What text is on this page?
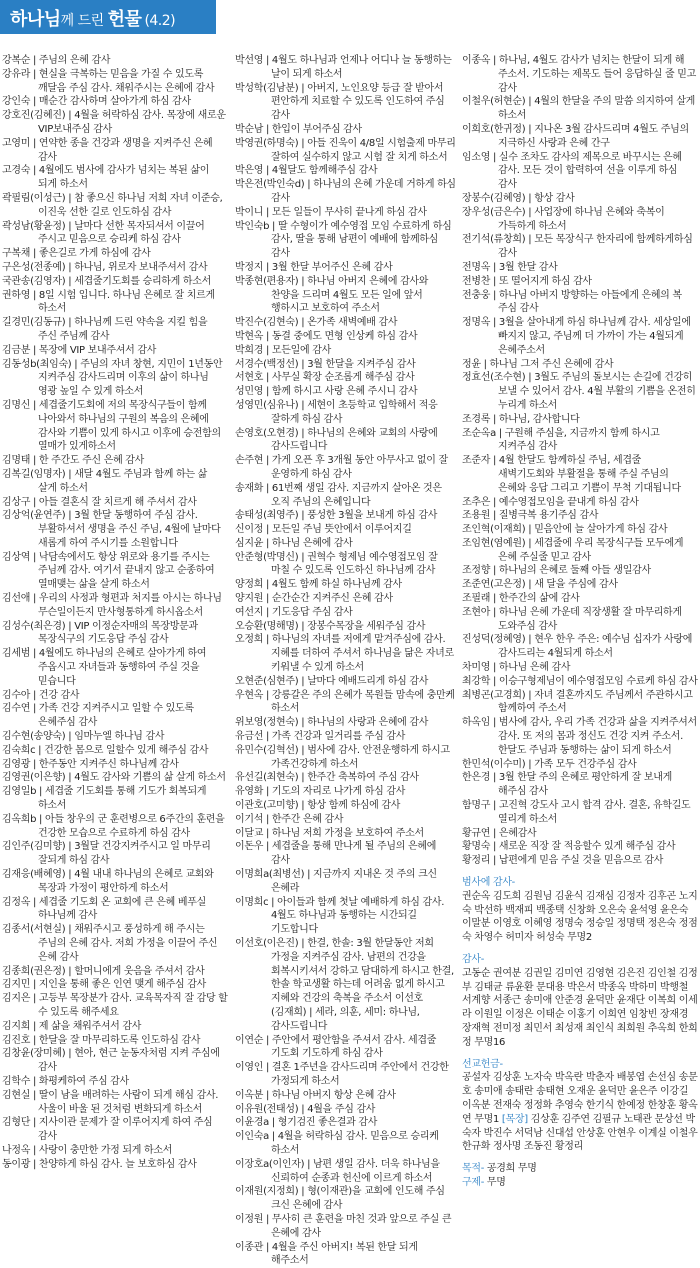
하나님께 드린 헌물 (4.2)

강복순 | 주님의 은혜 감사

강유라 | 현실을 극복하는 믿음을 가질 수 있도록 깨달음 주심 감사. 채워주시는 은혜에 감사

강인숙 | 매순간 감사하며 살아가게 하심 감사

강호진(김혜진) | 4월을 허락하심 감사. 목장에 새로운 VIP보내주심 감사

고영미 | 연약한 종을 건강과 생명을 지켜주신 은혜 감사

고경숙 | 4월에도 범사에 감사가 넘치는 복된 삶이 되게 하소서

곽필림(이성근) | 참 좋으신 하나님 저희 자녀 이준승, 이진욱 선한 길로 인도하심 감사

곽성남(황윤정) | 날마다 선한 목자되셔서 이끌어 주시고 믿음으로 승리케 하심 감사

구복채 | 좋은길로 가게 하심에 감사

구은성(전종예) | 하나님, 위로자 보내주셔서 감사

국관송(김영자) | 세겹줄기도회를 승리하게 하소서

권하영 | 8일 시험 입니다. 하나님 은혜로 잘 치르게 하소서

길경민(김동규) | 하나님께 드린 약속을 지킬 힘을 주신 주님께 감사

김금분 | 목장에 VIP 보내주셔서 감사

김동성b(최임숙) | 주님의 자녀 창현, 지민이 1년동안 지켜주심 감사드리며 이후의 삶이 하나님 영광 높일 수 있게 하소서

김명신 | 세겹줄기도회에 저의 목장식구들이 함께 나아와서 하나님의 구원의 복음의 은혜에 감사와 기쁨이 있게 하시고 이후에 승전함의 열매가 있게하소서

김명태 | 한 주간도 주신 은혜 감사

김복길(임명자) | 새달 4월도 주님과 함께 하는 삶 살게 하소서

김상구 | 아들 결혼식 잘 치르게 해 주셔서 감사

김상억(윤연주) | 3월 한달 동행하여 주심 감사. 부활하셔서 생명을 주신 주님, 4월에 날마다 새롭게 하여 주시기를 소원합니다

김상역 | 낙담속에서도 항상 위로와 용기를 주시는 주님께 감사. 여기서 끝내지 않고 순종하여 열매맺는 삶을 살게 하소서

김선애 | 우리의 사정과 형편과 처지를 아시는 하나님 무슨일이든지 만사형통하게 하시옵소서

김성수(최은경) | VIP 이정순자매의 목장방문과 목장식구의 기도응답 주심 감사

김세범 | 4월에도 하나님의 은혜로 살아가게 하여 주옵시고 자녀들과 동행하여 주실 것을 믿습니다

김수아 | 건강 감사

김수연 | 가족 건강 지켜주시고 일할 수 있도록 은혜주심 감사

김수현(송양숙) | 임마누엘 하나님 감사

김숙희c | 건강한 몸으로 일할수 있게 해주심 감사

김영광 | 한주동안 지켜주신 하나님께 감사

김영권(이은향) | 4월도 감사와 기쁨의 삶 살게 하소서

김영일b | 세겹줄 기도회를 통해 기도가 회복되게 하소서

김옥희b | 아들 창우의 군 훈련병으로 6주간의 훈련을 건강한 모습으로 수료하게 하심 감사

김인주(김미향) | 3월달 건강지켜주시고 일 마무리 잘되게 하심 감사

김재응(배혜영) | 4월 내내 하나님의 은혜로 교회와 목장과 가정이 평안하게 하소서

김정옥 | 세겹줄 기도회 온 교회에 큰 은혜 베푸실 하나님께 감사

김종서(서현실) | 채워주시고 풍성하게 해 주시는 주님의 은혜 감사. 저희 가정을 이끌어 주신 은혜 감사

김종희(권은정) | 할머니에게 웃음을 주셔서 감사

김지민 | 지인을 통해 좋은 인연 맺게 해주심 감사

김지은 | 고등부 목장분가 감사. 교육목자직 잘 감당 할 수 있도록 해주세요

김지희 | 제 삶을 채워주셔서 감사

김진호 | 한달을 잘 마무리하도록 인도하심 감사

김창윤(장미혜) | 현아, 현근 눈동자처럼 지켜 주심에 감사

김학수 | 화평케하여 주심 감사

김현실 | 딸이 남을 배려하는 사람이 되게 해심 감사. 사울이 바울 된 것처럼 변화되게 하소서

김형단 | 지사이관 문제가 잘 이루어지게 하여 주심 감사

나정옥 | 사랑이 충만한 가정 되게 하소서

동이광 | 찬양하게 하심 감사. 늘 보호하심 감사

박선영 | 4월도 하나님과 언제나 어디나 늘 동행하는 날이 되게 하소서

박성학(김남분) | 아버지, 노인요양 등급 잘 받아서 편안하게 치료할 수 있도록 인도하여 주심 감사

박순남 | 한입이 부어주심 감사

박영권(하명숙) | 아들 진욱이 4/8일 시험출제 마무리 잘하여 실수하지 않고 시험 잘 치게 하소서

박은영 | 4월달도 함께해주심 감사

박은전(박인숙d) | 하나님의 은혜 가운데 거하게 하심 감사

박이니 | 모든 일들이 무사히 끝나게 하심 감사

박인숙b | 딸 수형이가 예수영접 모임 수료하게 하심 감사, 딸을 통해 남편이 예배에 함께하심 감사

박정지 | 3월 한달 부어주신 은혜 감사

박종현(편용자) | 하나님 아버지 은혜에 감사와 찬양을 드리며 4월도 모든 일에 앞서 행하시고 보호하여 주소서

박진수(김현숙) | 온가족 새벽예배 감사

박현옥 | 동결 중에도 면형 인상케 하심 감사

박희경 | 모든일에 감사

서경수(백정선) | 3월 한달을 지켜주심 감사

서현호 | 사무실 확장 순조롭게 해주심 감사

성민영 | 함께 하시고 사랑 은혜 주시니 감사

성영민(심유나) | 세현이 초등학교 입학해서 적응 잘하게 하심 감사

손영호(오현경) | 하나님의 은혜와 교회의 사랑에 감사드립니다

손주현 | 가게 오픈 후 3개월 동안 아무사고 없이 잘 운영하게 하심 감사

송재화 | 61번째 생일 감사. 지금까지 살아온 것은 오직 주님의 은혜입니다

송태성(최영주) | 풍성한 3월을 보내게 하심 감사

신이정 | 모든일 주님 뜻안에서 이루어지길

심지윤 | 하나님 은혜에 감사

안준형(박명신) | 권혁수 형제님 예수영접모임 잘 마칠 수 있도록 인도하신 하나님께 감사

양정희 | 4월도 함께 하실 하나님께 감사

양지원 | 순간순간 지켜주신 은혜 감사

여선지 | 기도응답 주심 감사

오승환(명해명) | 장봉수목장을 세워주심 감사

오정희 | 하나님의 자녀를 저에게 맡겨주심에 감사. 지혜를 더하여 주셔서 하나님을 닮은 자녀로 키워낼 수 있게 하소서

오현준(심현주) | 날마다 예배드리게 하심 감사

우현옥 | 강릉갈은 주의 은혜가 목원들 맘속에 충만케 하소서

위보영(정현숙) | 하나님의 사랑과 은혜에 감사

유금선 | 가족 건강과 일거리를 주심 감사

유민수(김혁선) | 범사에 감사. 안전운행하게 하시고 가족건강하게 하소서

유선길(최현숙) | 한주간 축복하여 주심 감사

유영화 | 기도의 자리로 나가게 하심 감사

이관호(고미향) | 항상 함께 하심에 감사

이기석 | 한주간 은혜 감사

이달교 | 하나님 저희 가정을 보호하여 주소서

이돈우 | 세겹줄을 통해 만나게 될 주님의 은혜에 감사

이명희a(최병선) | 지금까지 지내온 것 주의 크신 은혜라

이명희c | 아이들과 함께 첫날 예배하게 하심 감사. 4월도 하나님과 동행하는 시간되길 기도합니다

이선호(이은진) | 한결, 한솔: 3월 한달동안 저희 가정을 지켜주심 감사. 남편의 건강을 회복시키셔서 강하고 담대하게 하시고 한결, 한솔 학교생활 하는데 어려움 없게 하시고 지혜와 건강의 축복을 주소서 이선호(김재희) | 세라, 의훈, 세미: 하나님, 감사드립니다

이연순 | 주안에서 평안함을 주셔서 감사. 세겹줄 기도회 기도하게 하심 감사

이영인 | 결혼 1주년을 감사드리며 주안에서 건강한 가정되게 하소서

이옥분 | 하나님 아버지 항상 은혜 감사

이유원(전태성) | 4월을 주심 감사

이윤경a | 형기검진 좋은결과 감사

이인숙a | 4월을 허락하심 감사. 믿음으로 승리케 하소서

이장호a(이인자) | 남편 생일 감사. 더욱 하나님을 신뢰하여 순종과 헌신에 이르게 하소서

이재원(지정희) | 형(이재관)을 교회에 인도해 주심 크신 은혜에 감사

이정원 | 무사히 큰 훈련을 마친 것과 앞으로 주실 큰 은혜에 감사

이종관 | 4월을 주신 아버지! 복된 한달 되게 해주소서

이종옥 | 하나님, 4월도 감사가 넘치는 한달이 되게 해 주소서. 기도하는 제목도 들어 응답하실 줄 믿고 감사

이철우(허현순) | 4월의 한달을 주의 말씀 의지하여 살게 하소서

이희호(한귀정) | 지나온 3월 감사드리며 4월도 주님의 지극하신 사랑과 은혜 간구

임소영 | 실수 조차도 감사의 제목으로 바꾸시는 은혜 감사. 모든 것이 합력하여 선을 이루게 하심 감사

장봉수(김혜영) | 항상 감사

장우성(금은수) | 사업장에 하나님 은혜와 축복이 가득하게 하소서

전기석(류창희) | 모든 목장식구 한자리에 함께하게하심 감사

전명옥 | 3월 한달 감사

전병찬 | 또 떨어지게 하심 감사

전충웅 | 하나님 아버지 방향하는 아들에게 은혜의 복 주심 감사

정명옥 | 3월을 살아내게 하심 하나님께 감사. 세상일에 빠지지 않고, 주님께 더 가까이 가는 4월되게 은혜주소서

정윤 | 하나님 그저 주신 은혜에 감사

정효선(조수현) | 3월도 주님의 돌보시는 손길에 건강히 보낼 수 있어서 감사. 4월 부활의 기쁨을 온전히 누리게 하소서

조경록 | 하나님, 감사합니다

조순옥a | 구원해 주심을, 지금까지 함께 하시고 지켜주심 감사

조준자 | 4월 한달도 함께하실 주님, 세겹줄 새벽기도회와 부활절을 통해 주실 주님의 은혜와 응답 그리고 기쁨이 무척 기대됩니다

조추은 | 예수영접모임을 끝내게 하심 감사

조용원 | 질병극복 용기주심 감사

조인혁(이재희) | 믿음안에 늘 살아가게 하심 감사

조임현(염예원) | 세겹줄에 우리 목장식구들 모두에게 은혜 주실줄 믿고 감사

조정향 | 하나님의 은혜로 둘째 아들 생일감사

조준연(고은정) | 새 달을 주심에 감사

조필래 | 한주간의 삶에 감사

조현아 | 하나님 은혜 가운데 직장생활 잘 마무리하게 도와주심 감사

진성덕(정혜영) | 현우 한우 주은: 예수님 십자가 사랑에 감사드리는 4월되게 하소서

차미영 | 하나님 은혜 감사

최강학 | 이승구형제님이 예수영접모임 수료케 하심 감사

최병곤(고경희) | 자녀 결혼까지도 주님께서 주관하시고 함께하여 주소서

하옥임 | 범사에 감사, 우리 가족 건강과 삶을 지켜주셔서 감사. 또 저의 몸과 정신도 건강 지켜 주소서. 한달도 주님과 동행하는 삶이 되게 하소서

한민석(이수미) | 가족 모두 건강주심 감사

한은경 | 3월 한달 주의 은혜로 평안하게 잘 보내게 해주심 감사

함명구 | 고진혁 강도사 고시 합격 감사. 결혼, 유학길도 열리게 하소서

황규연 | 은혜감사

황명숙 | 새로운 직장 잘 적응할수 있게 해주심 감사

황정리 | 납편에게 믿음 주실 것을 믿음으로 감사

범사에 감사-

권순옥 김도희 김원님 김윤식 김재심 김정자 김후곤 노지숙 박선하 백재피 백종택 신창화 오은숙 윤석영 윤은숙 이말분 이영호 이혜영 정명숙 정승일 정명택 정은숙 정점숙 차영수 허미자 허성숙 무명2

감사-

고동순 권여분 김권일 김미연 김영현 김은진 김인철 김정부 김태균 류윤환 문대용 박은서 박종옥 박하미 박행철 서계향 서종근 송미애 안준경 윤덕만 윤재단 이복희 이세라 이원일 이정은 이태순 이홍기 이희연 임창빈 장재경 장재혁 전미정 최민서 최성재 최인식 최희원 추옥희 한희정 무명16

선교헌금-

공설자 김상훈 노자숙 박옥란 박춘자 배봉엽 손선심 송문호 송미애 송태란 송태현 오재운 윤덕만 윤은주 이강길 이옥분 전재숙 정정화 추영숙 한기식 한예정 한창훈 황옥연 무명1 [목장] 김상훈 김주연 김필규 노태관 문상선 박숙자 박진수 서덕남 신대섭 안상훈 안현우 이계실 이철우 한규화 정사명 조동진 황정리

목적- 공경희 무명

구제- 무명
